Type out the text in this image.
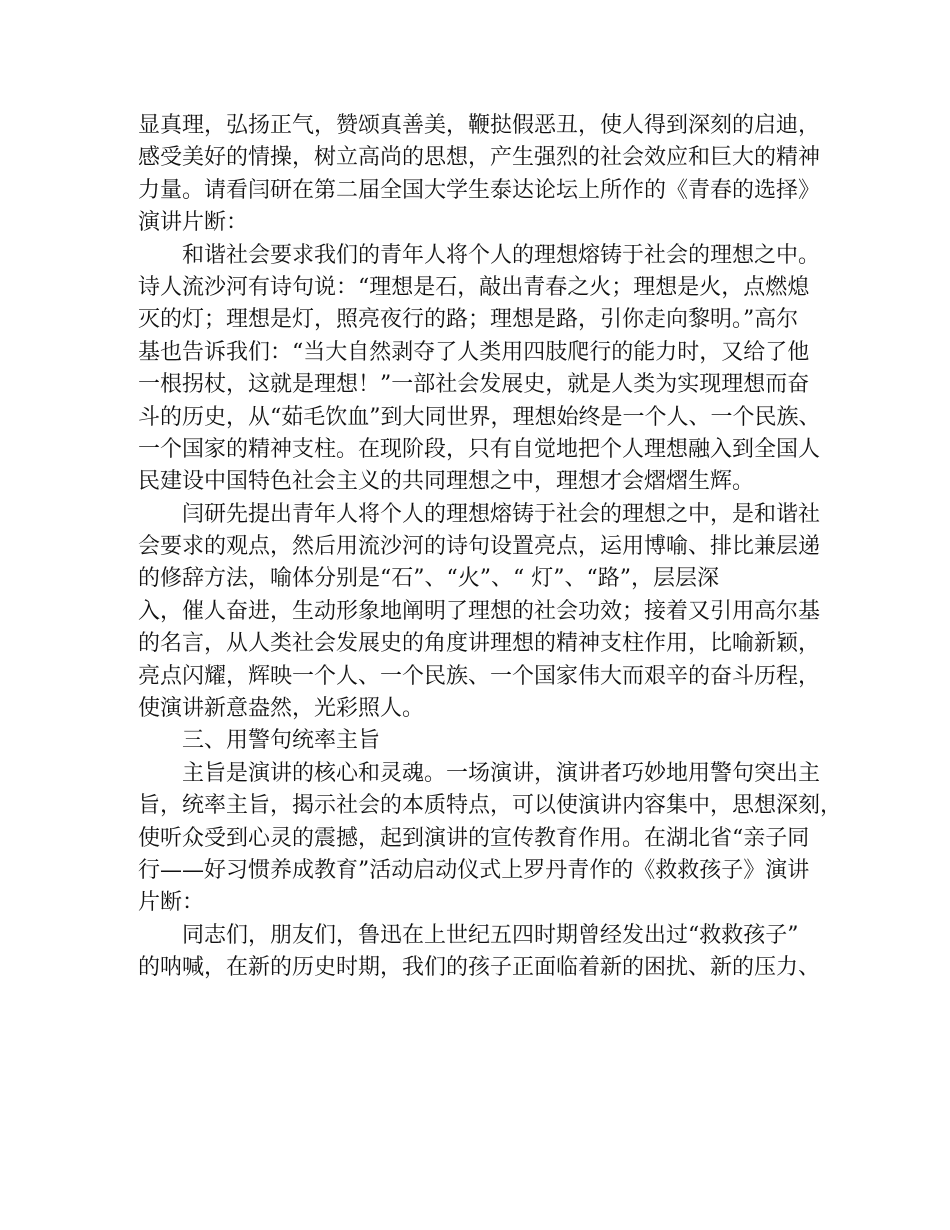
显真理，弘扬正气，赞颂真善美，鞭挞假恶丑，使人得到深刻的启迪，
感受美好的情操，树立高尚的思想，产生强烈的社会效应和巨大的精神
力量。请看闫研在第二届全国大学生泰达论坛上所作的《青春的选择》
演讲片断：
和谐社会要求我们的青年人将个人的理想熔铸于社会的理想之中。
诗人流沙河有诗句说：“理想是石，敲出青春之火；理想是火，点燃熄
灭的灯；理想是灯，照亮夜行的路；理想是路，引你走向黎明。”高尔
基也告诉我们：“当大自然剥夺了人类用四肢爬行的能力时，又给了他
一根拐杖，这就是理想！”一部社会发展史，就是人类为实现理想而奋
斗的历史，从“茹毛饮血”到大同世界，理想始终是一个人、一个民族、
一个国家的精神支柱。在现阶段，只有自觉地把个人理想融入到全国人
民建设中国特色社会主义的共同理想之中，理想才会熠熠生辉。
闫研先提出青年人将个人的理想熔铸于社会的理想之中，是和谐社
会要求的观点，然后用流沙河的诗句设置亮点，运用博喻、排比兼层递
的修辞方法，喻体分别是“石”、“火”、“ 灯”、“路”，层层深
入，催人奋进，生动形象地阐明了理想的社会功效；接着又引用高尔基
的名言，从人类社会发展史的角度讲理想的精神支柱作用，比喻新颖，
亮点闪耀，辉映一个人、一个民族、一个国家伟大而艰辛的奋斗历程，
使演讲新意盎然，光彩照人。
三、用警句统率主旨
主旨是演讲的核心和灵魂。一场演讲，演讲者巧妙地用警句突出主
旨，统率主旨，揭示社会的本质特点，可以使演讲内容集中，思想深刻，
使听众受到心灵的震撼，起到演讲的宣传教育作用。在湖北省“亲子同
行——好习惯养成教育”活动启动仪式上罗丹青作的《救救孩子》演讲
片断：
同志们，朋友们，鲁迅在上世纪五四时期曾经发出过“救救孩子”
的呐喊，在新的历史时期，我们的孩子正面临着新的困扰、新的压力、
